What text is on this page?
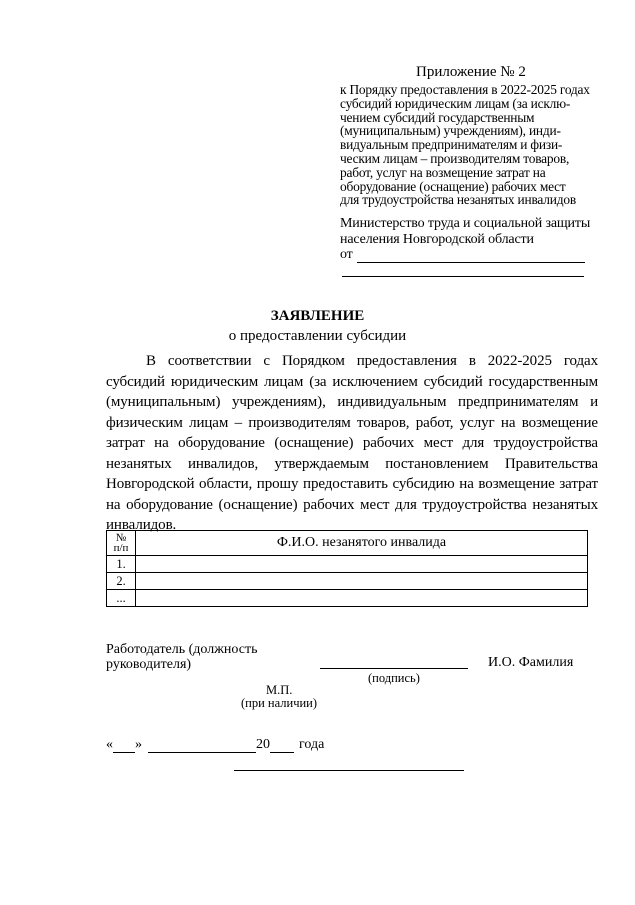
Приложение № 2
к Порядку предоставления в 2022-2025 годах
субсидий юридическим лицам (за исклю-
чением субсидий государственным
(муниципальным) учреждениям), инди-
видуальным предпринимателям и физи-
ческим лицам – производителям товаров,
работ, услуг на возмещение затрат на
оборудование (оснащение) рабочих мест
для трудоустройства незанятых инвалидов
Министерство труда и социальной защиты
населения Новгородской области
от
ЗАЯВЛЕНИЕ
о предоставлении субсидии
В соответствии с Порядком предоставления в 2022-2025 годах
субсидий юридическим лицам (за исключением субсидий государственным
(муниципальным) учреждениям), индивидуальным предпринимателям и
физическим лицам – производителям товаров, работ, услуг на возмещение
затрат на оборудование (оснащение) рабочих мест для трудоустройства
незанятых инвалидов, утверждаемым постановлением Правительства
Новгородской области, прошу предоставить субсидию на возмещение затрат
на оборудование (оснащение) рабочих мест для трудоустройства незанятых
инвалидов.
№
п/п	Ф.И.О. незанятого инвалида
1.	
2.	
...	
Работодатель (должность
руководителя)
(подпись)
И.О. Фамилия
М.П.
(при наличии)
« »	20 года
